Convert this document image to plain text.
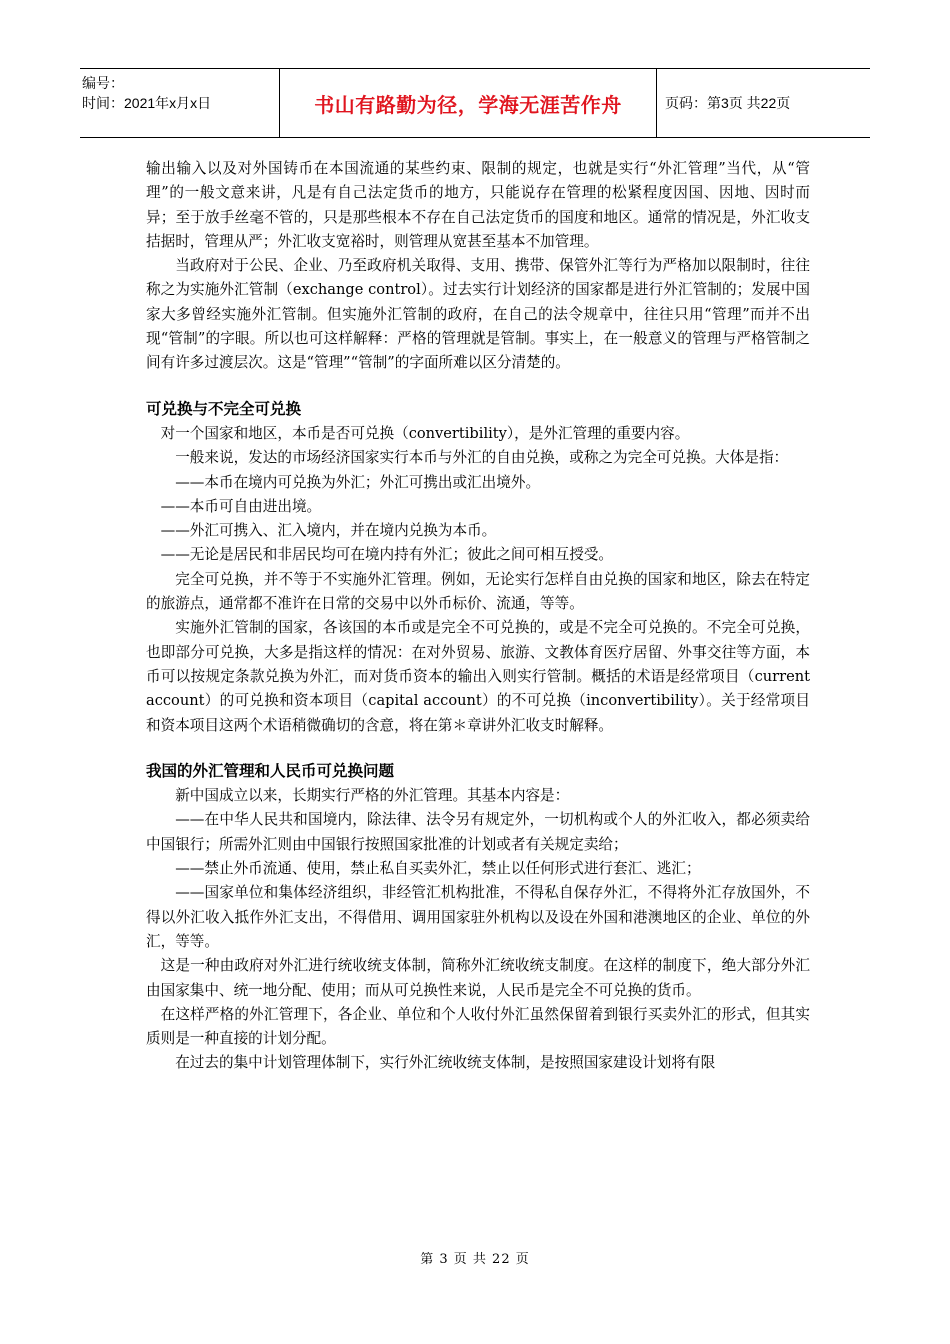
编号：
时间：2021年x月x日	书山有路勤为径，学海无涯苦作舟	页码：第3页 共22页

输出输入以及对外国铸币在本国流通的某些约束、限制的规定，也就是实行“外汇管理”当代，从“管理”的一般文意来讲，凡是有自己法定货币的地方，只能说存在管理的松紧程度因国、因地、因时而异；至于放手丝毫不管的，只是那些根本不存在自己法定货币的国度和地区。通常的情况是，外汇收支拮据时，管理从严；外汇收支宽裕时，则管理从宽甚至基本不加管理。

当政府对于公民、企业、乃至政府机关取得、支用、携带、保管外汇等行为严格加以限制时，往往称之为实施外汇管制（exchange control）。过去实行计划经济的国家都是进行外汇管制的；发展中国家大多曾经实施外汇管制。但实施外汇管制的政府，在自己的法令规章中，往往只用“管理”而并不出现“管制”的字眼。所以也可这样解释：严格的管理就是管制。事实上，在一般意义的管理与严格管制之间有许多过渡层次。这是“管理”“管制”的字面所难以区分清楚的。

可兑换与不完全可兑换

对一个国家和地区，本币是否可兑换（convertibility），是外汇管理的重要内容。

一般来说，发达的市场经济国家实行本币与外汇的自由兑换，或称之为完全可兑换。大体是指：

——本币在境内可兑换为外汇；外汇可携出或汇出境外。

——本币可自由进出境。

——外汇可携入、汇入境内，并在境内兑换为本币。

——无论是居民和非居民均可在境内持有外汇；彼此之间可相互授受。

完全可兑换，并不等于不实施外汇管理。例如，无论实行怎样自由兑换的国家和地区，除去在特定的旅游点，通常都不准许在日常的交易中以外币标价、流通，等等。

实施外汇管制的国家，各该国的本币或是完全不可兑换的，或是不完全可兑换的。不完全可兑换，也即部分可兑换，大多是指这样的情况：在对外贸易、旅游、文教体育医疗居留、外事交往等方面，本币可以按规定条款兑换为外汇，而对货币资本的输出入则实行管制。概括的术语是经常项目（current account）的可兑换和资本项目（capital account）的不可兑换（inconvertibility）。关于经常项目和资本项目这两个术语稍微确切的含意，将在第＊章讲外汇收支时解释。

我国的外汇管理和人民币可兑换问题

新中国成立以来，长期实行严格的外汇管理。其基本内容是：

——在中华人民共和国境内，除法律、法令另有规定外，一切机构或个人的外汇收入，都必须卖给中国银行；所需外汇则由中国银行按照国家批准的计划或者有关规定卖给；

——禁止外币流通、使用，禁止私自买卖外汇，禁止以任何形式进行套汇、逃汇；

——国家单位和集体经济组织，非经管汇机构批准，不得私自保存外汇，不得将外汇存放国外，不得以外汇收入抵作外汇支出，不得借用、调用国家驻外机构以及设在外国和港澳地区的企业、单位的外汇，等等。

这是一种由政府对外汇进行统收统支体制，简称外汇统收统支制度。在这样的制度下，绝大部分外汇由国家集中、统一地分配、使用；而从可兑换性来说，人民币是完全不可兑换的货币。

在这样严格的外汇管理下，各企业、单位和个人收付外汇虽然保留着到银行买卖外汇的形式，但其实质则是一种直接的计划分配。

在过去的集中计划管理体制下，实行外汇统收统支体制，是按照国家建设计划将有限

第 3 页 共 22 页
